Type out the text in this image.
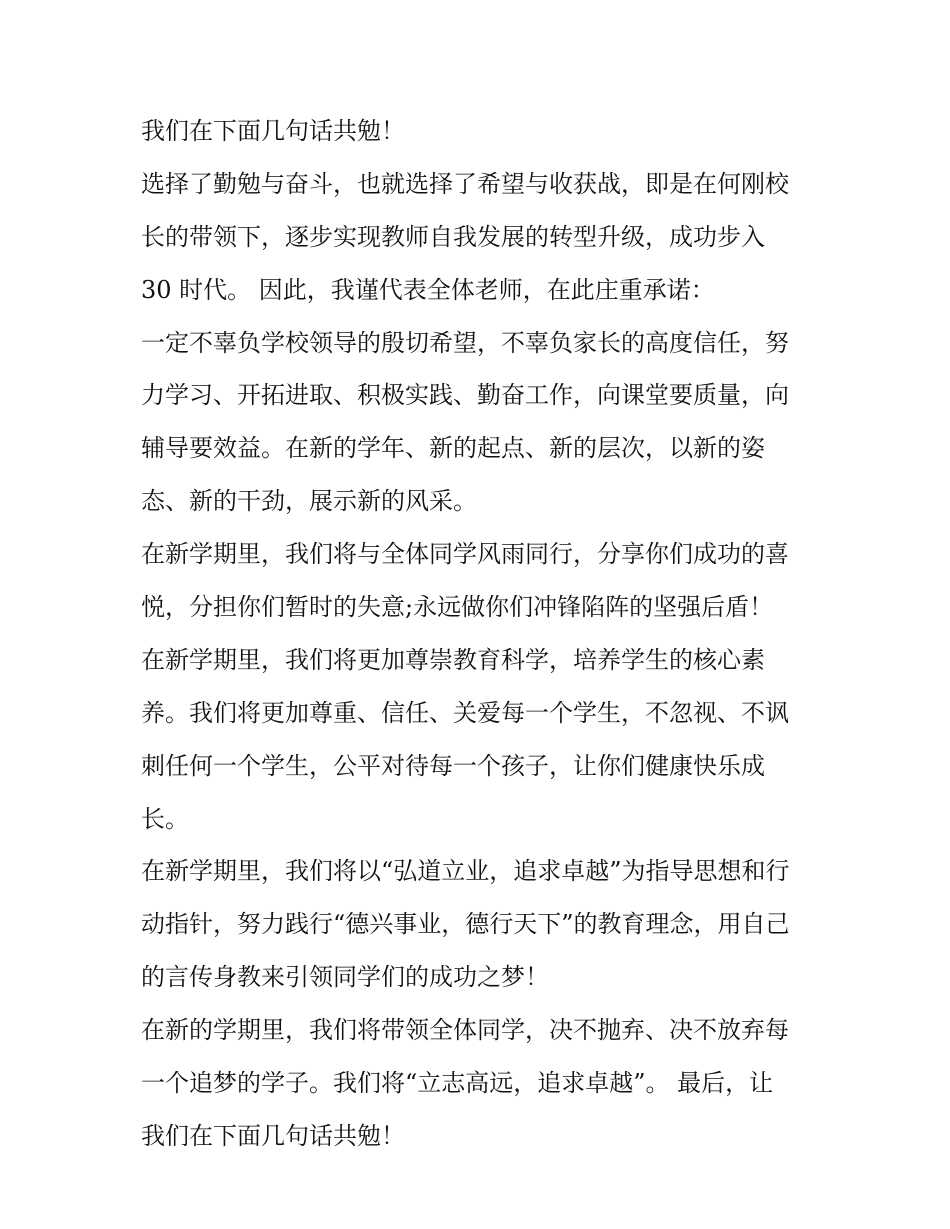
我们在下面几句话共勉！
选择了勤勉与奋斗，也就选择了希望与收获战，即是在何刚校
长的带领下，逐步实现教师自我发展的转型升级，成功步入
30 时代。 因此，我谨代表全体老师，在此庄重承诺：
一定不辜负学校领导的殷切希望，不辜负家长的高度信任，努
力学习、开拓进取、积极实践、勤奋工作，向课堂要质量，向
辅导要效益。在新的学年、新的起点、新的层次，以新的姿
态、新的干劲，展示新的风采。
在新学期里，我们将与全体同学风雨同行，分享你们成功的喜
悦，分担你们暂时的失意;永远做你们冲锋陷阵的坚强后盾！
在新学期里，我们将更加尊崇教育科学，培养学生的核心素
养。我们将更加尊重、信任、关爱每一个学生，不忽视、不讽
刺任何一个学生，公平对待每一个孩子，让你们健康快乐成
长。
在新学期里，我们将以“弘道立业，追求卓越”为指导思想和行
动指针，努力践行“德兴事业，德行天下”的教育理念，用自己
的言传身教来引领同学们的成功之梦！
在新的学期里，我们将带领全体同学，决不抛弃、决不放弃每
一个追梦的学子。我们将“立志高远，追求卓越”。 最后，让
我们在下面几句话共勉！
